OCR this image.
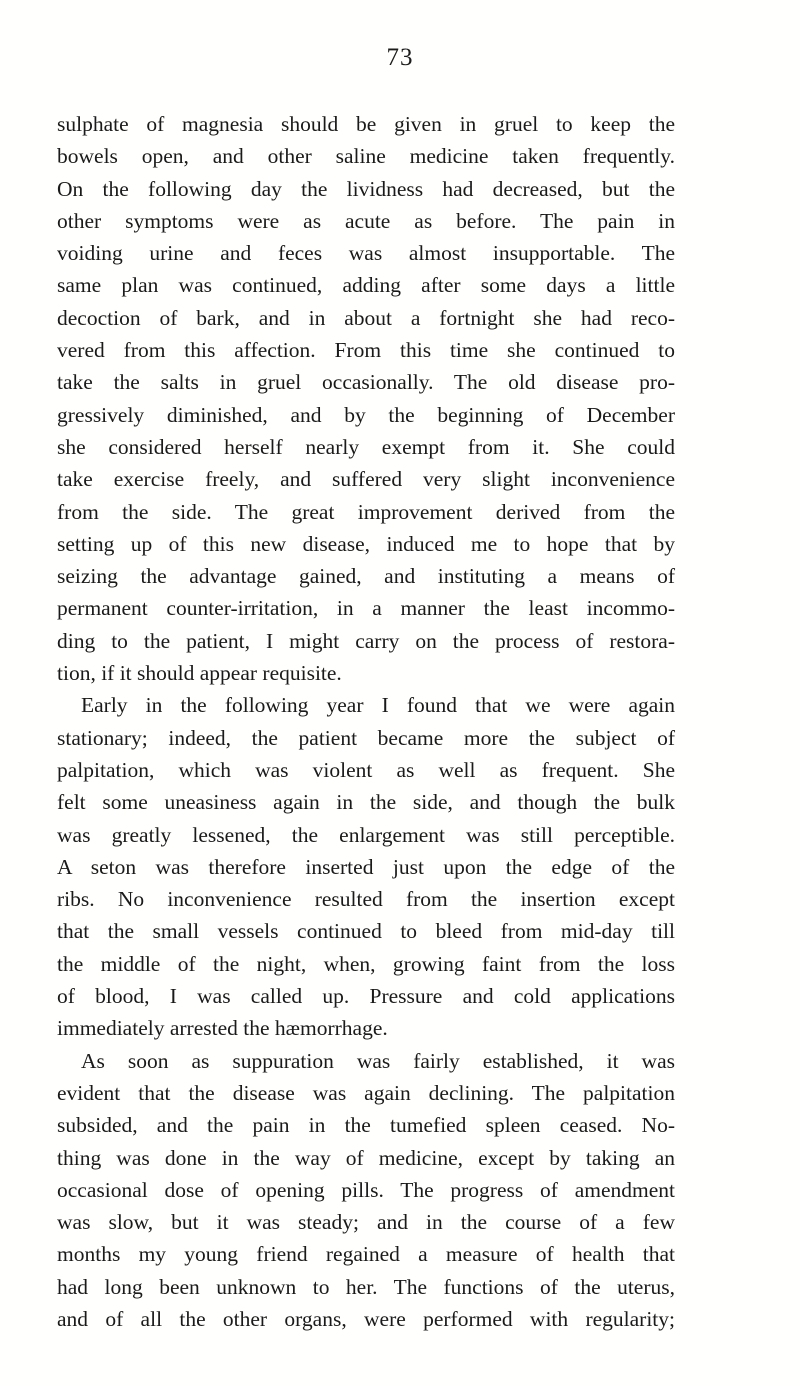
73
sulphate of magnesia should be given in gruel to keep the
bowels open, and other saline medicine taken frequently.
On the following day the lividness had decreased, but the
other symptoms were as acute as before. The pain in
voiding urine and feces was almost insupportable. The
same plan was continued, adding after some days a little
decoction of bark, and in about a fortnight she had reco-
vered from this affection. From this time she continued to
take the salts in gruel occasionally. The old disease pro-
gressively diminished, and by the beginning of December
she considered herself nearly exempt from it. She could
take exercise freely, and suffered very slight inconvenience
from the side. The great improvement derived from the
setting up of this new disease, induced me to hope that by
seizing the advantage gained, and instituting a means of
permanent counter-irritation, in a manner the least incommo-
ding to the patient, I might carry on the process of restora-
tion, if it should appear requisite.
Early in the following year I found that we were again
stationary; indeed, the patient became more the subject of
palpitation, which was violent as well as frequent. She
felt some uneasiness again in the side, and though the bulk
was greatly lessened, the enlargement was still perceptible.
A seton was therefore inserted just upon the edge of the
ribs. No inconvenience resulted from the insertion except
that the small vessels continued to bleed from mid-day till
the middle of the night, when, growing faint from the loss
of blood, I was called up. Pressure and cold applications
immediately arrested the hæmorrhage.
As soon as suppuration was fairly established, it was
evident that the disease was again declining. The palpitation
subsided, and the pain in the tumefied spleen ceased. No-
thing was done in the way of medicine, except by taking an
occasional dose of opening pills. The progress of amendment
was slow, but it was steady; and in the course of a few
months my young friend regained a measure of health that
had long been unknown to her. The functions of the uterus,
and of all the other organs, were performed with regularity;
